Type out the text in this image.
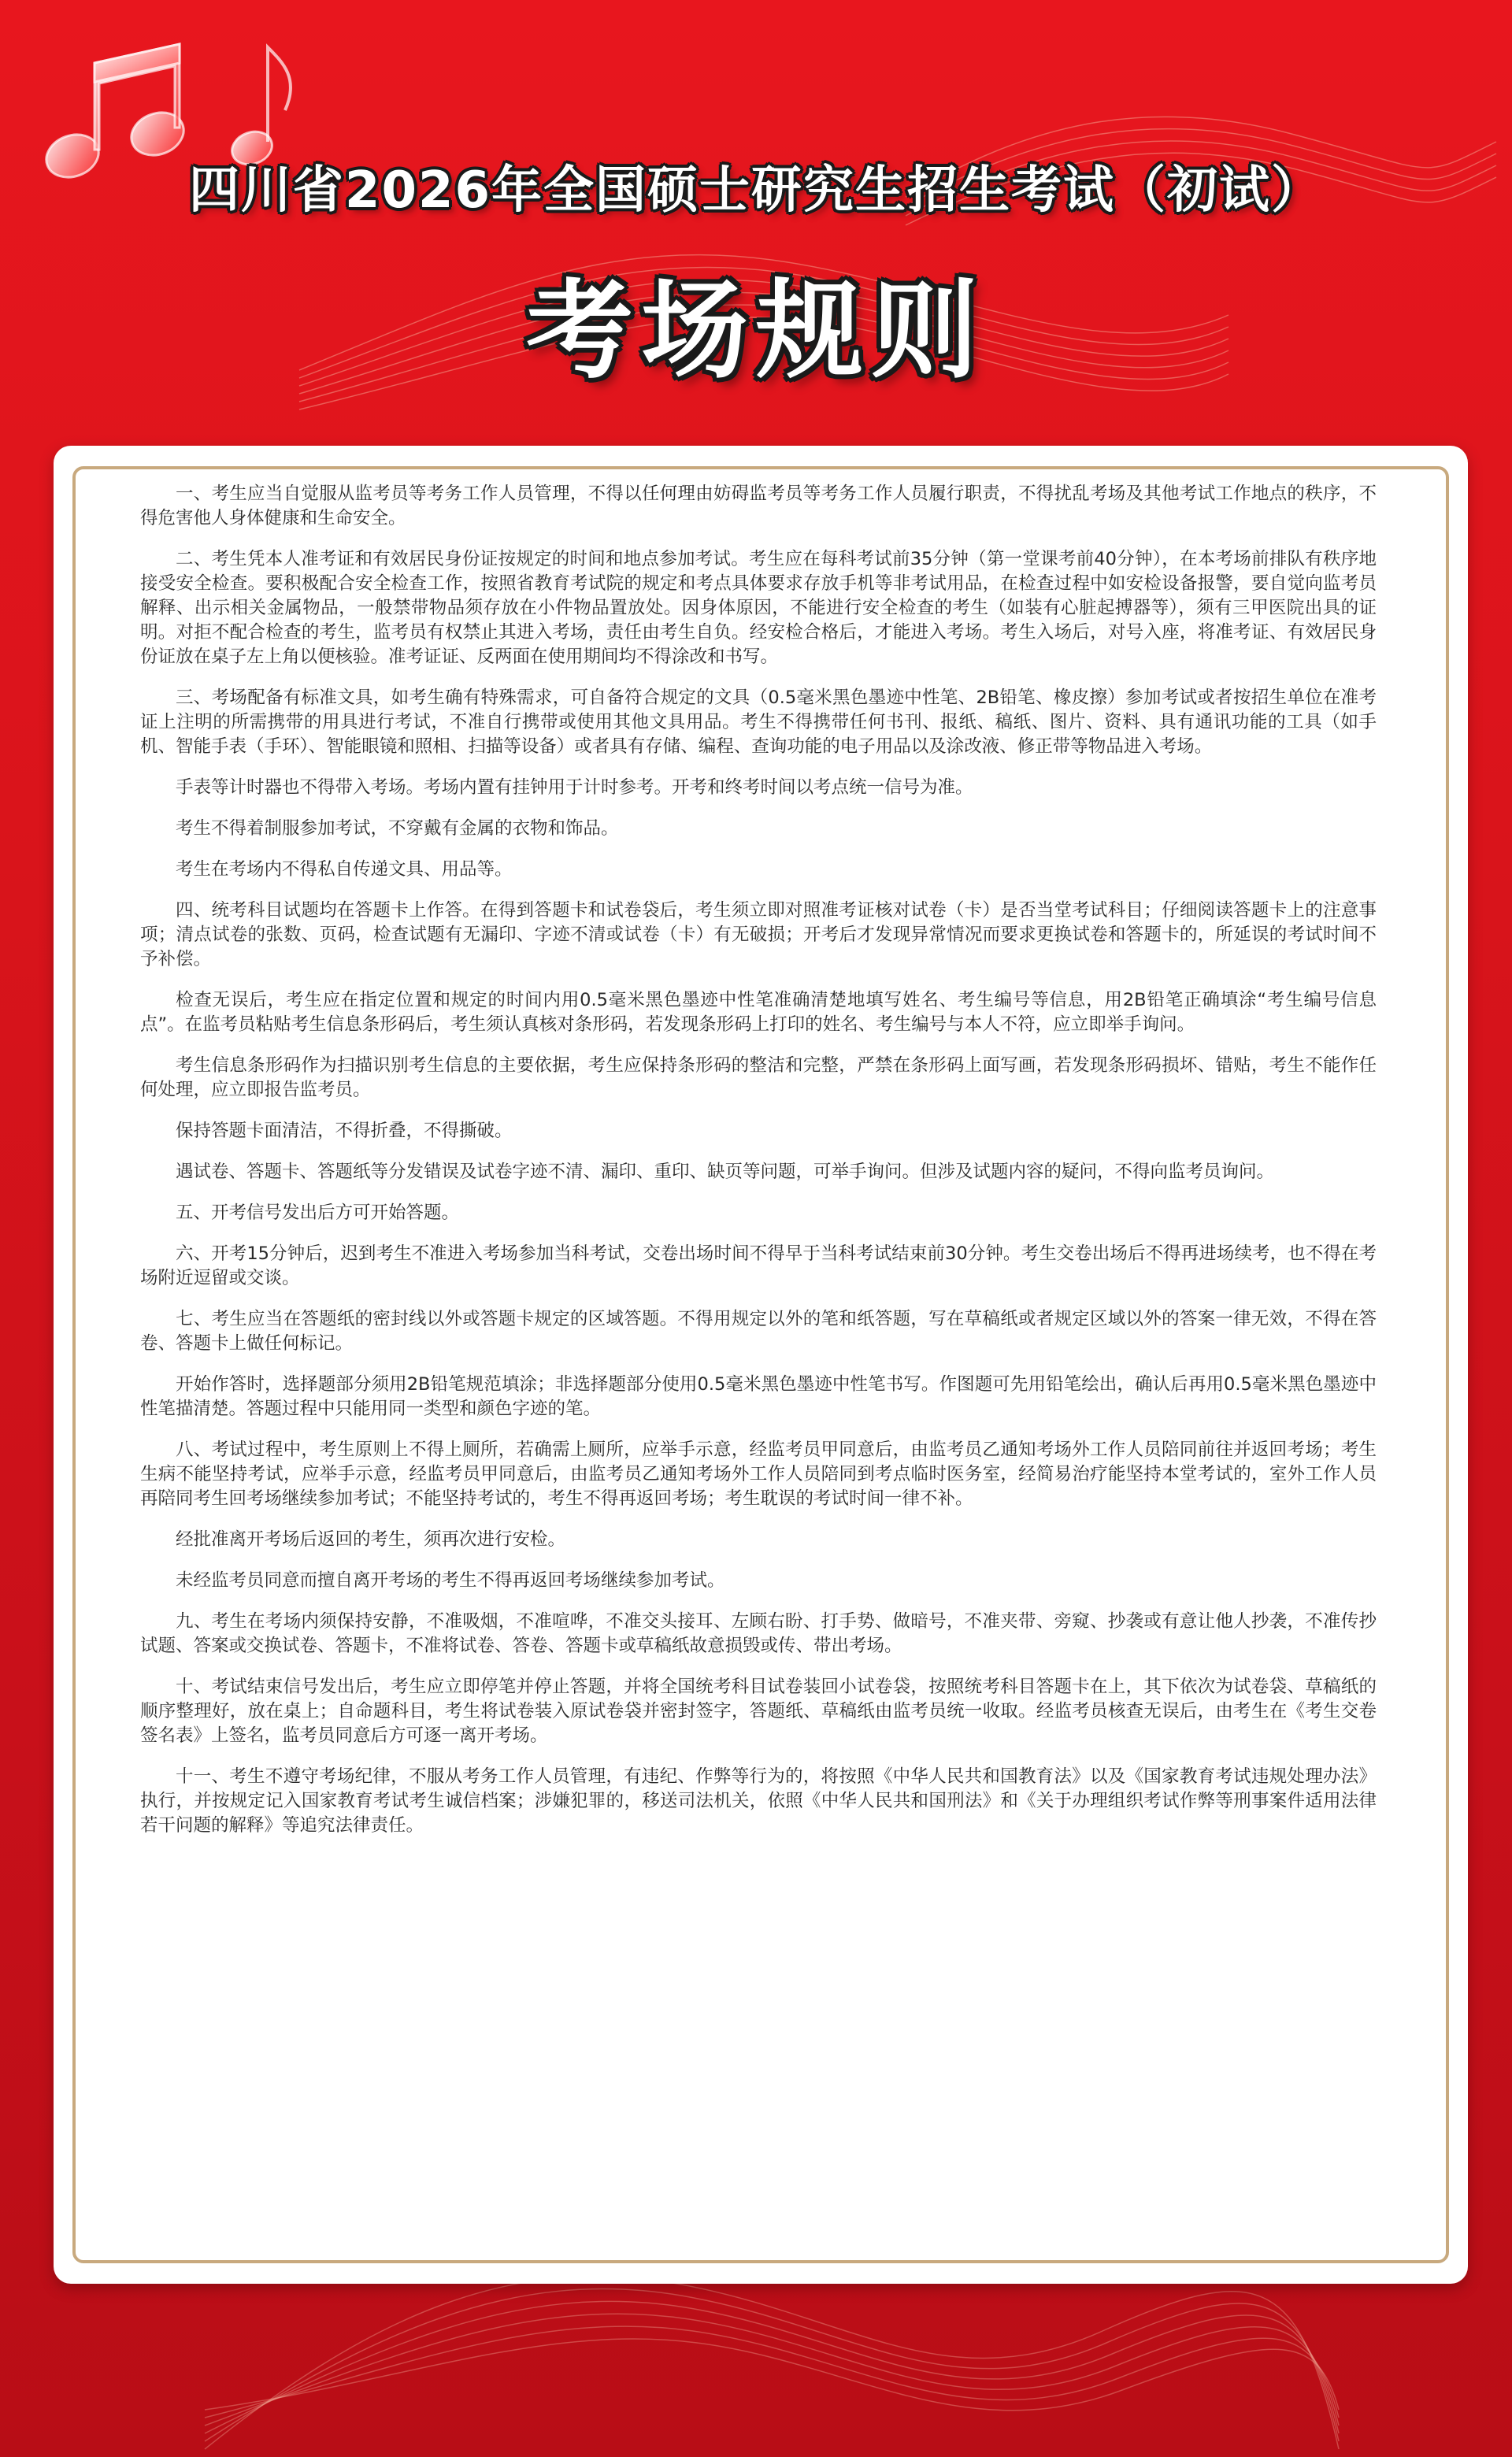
四川省2026年全国硕士研究生招生考试（初试）
考场规则

一、考生应当自觉服从监考员等考务工作人员管理，不得以任何理由妨碍监考员等考务工作人员履行职责，不得扰乱考场及其他考试工作地点的秩序，不得危害他人身体健康和生命安全。

二、考生凭本人准考证和有效居民身份证按规定的时间和地点参加考试。考生应在每科考试前35分钟（第一堂课考前40分钟），在本考场前排队有秩序地接受安全检查。要积极配合安全检查工作，按照省教育考试院的规定和考点具体要求存放手机等非考试用品，在检查过程中如安检设备报警，要自觉向监考员解释、出示相关金属物品，一般禁带物品须存放在小件物品置放处。因身体原因，不能进行安全检查的考生（如装有心脏起搏器等），须有三甲医院出具的证明。对拒不配合检查的考生，监考员有权禁止其进入考场，责任由考生自负。经安检合格后，才能进入考场。考生入场后，对号入座，将准考证、有效居民身份证放在桌子左上角以便核验。准考证证、反两面在使用期间均不得涂改和书写。

三、考场配备有标准文具，如考生确有特殊需求，可自备符合规定的文具（0.5毫米黑色墨迹中性笔、2B铅笔、橡皮擦）参加考试或者按招生单位在准考证上注明的所需携带的用具进行考试，不准自行携带或使用其他文具用品。考生不得携带任何书刊、报纸、稿纸、图片、资料、具有通讯功能的工具（如手机、智能手表（手环）、智能眼镜和照相、扫描等设备）或者具有存储、编程、查询功能的电子用品以及涂改液、修正带等物品进入考场。

手表等计时器也不得带入考场。考场内置有挂钟用于计时参考。开考和终考时间以考点统一信号为准。

考生不得着制服参加考试，不穿戴有金属的衣物和饰品。

考生在考场内不得私自传递文具、用品等。

四、统考科目试题均在答题卡上作答。在得到答题卡和试卷袋后，考生须立即对照准考证核对试卷（卡）是否当堂考试科目；仔细阅读答题卡上的注意事项；清点试卷的张数、页码，检查试题有无漏印、字迹不清或试卷（卡）有无破损；开考后才发现异常情况而要求更换试卷和答题卡的，所延误的考试时间不予补偿。

检查无误后，考生应在指定位置和规定的时间内用0.5毫米黑色墨迹中性笔准确清楚地填写姓名、考生编号等信息，用2B铅笔正确填涂“考生编号信息点”。在监考员粘贴考生信息条形码后，考生须认真核对条形码，若发现条形码上打印的姓名、考生编号与本人不符，应立即举手询问。

考生信息条形码作为扫描识别考生信息的主要依据，考生应保持条形码的整洁和完整，严禁在条形码上面写画，若发现条形码损坏、错贴，考生不能作任何处理，应立即报告监考员。

保持答题卡面清洁，不得折叠，不得撕破。

遇试卷、答题卡、答题纸等分发错误及试卷字迹不清、漏印、重印、缺页等问题，可举手询问。但涉及试题内容的疑问，不得向监考员询问。

五、开考信号发出后方可开始答题。

六、开考15分钟后，迟到考生不准进入考场参加当科考试，交卷出场时间不得早于当科考试结束前30分钟。考生交卷出场后不得再进场续考，也不得在考场附近逗留或交谈。

七、考生应当在答题纸的密封线以外或答题卡规定的区域答题。不得用规定以外的笔和纸答题，写在草稿纸或者规定区域以外的答案一律无效，不得在答卷、答题卡上做任何标记。

开始作答时，选择题部分须用2B铅笔规范填涂；非选择题部分使用0.5毫米黑色墨迹中性笔书写。作图题可先用铅笔绘出，确认后再用0.5毫米黑色墨迹中性笔描清楚。答题过程中只能用同一类型和颜色字迹的笔。

八、考试过程中，考生原则上不得上厕所，若确需上厕所，应举手示意，经监考员甲同意后，由监考员乙通知考场外工作人员陪同前往并返回考场；考生生病不能坚持考试，应举手示意，经监考员甲同意后，由监考员乙通知考场外工作人员陪同到考点临时医务室，经简易治疗能坚持本堂考试的，室外工作人员再陪同考生回考场继续参加考试；不能坚持考试的，考生不得再返回考场；考生耽误的考试时间一律不补。

经批准离开考场后返回的考生，须再次进行安检。

未经监考员同意而擅自离开考场的考生不得再返回考场继续参加考试。

九、考生在考场内须保持安静，不准吸烟，不准喧哗，不准交头接耳、左顾右盼、打手势、做暗号，不准夹带、旁窥、抄袭或有意让他人抄袭，不准传抄试题、答案或交换试卷、答题卡，不准将试卷、答卷、答题卡或草稿纸故意损毁或传、带出考场。

十、考试结束信号发出后，考生应立即停笔并停止答题，并将全国统考科目试卷装回小试卷袋，按照统考科目答题卡在上，其下依次为试卷袋、草稿纸的顺序整理好，放在桌上；自命题科目，考生将试卷装入原试卷袋并密封签字，答题纸、草稿纸由监考员统一收取。经监考员核查无误后，由考生在《考生交卷签名表》上签名，监考员同意后方可逐一离开考场。

十一、考生不遵守考场纪律，不服从考务工作人员管理，有违纪、作弊等行为的，将按照《中华人民共和国教育法》以及《国家教育考试违规处理办法》执行，并按规定记入国家教育考试考生诚信档案；涉嫌犯罪的，移送司法机关，依照《中华人民共和国刑法》和《关于办理组织考试作弊等刑事案件适用法律若干问题的解释》等追究法律责任。
